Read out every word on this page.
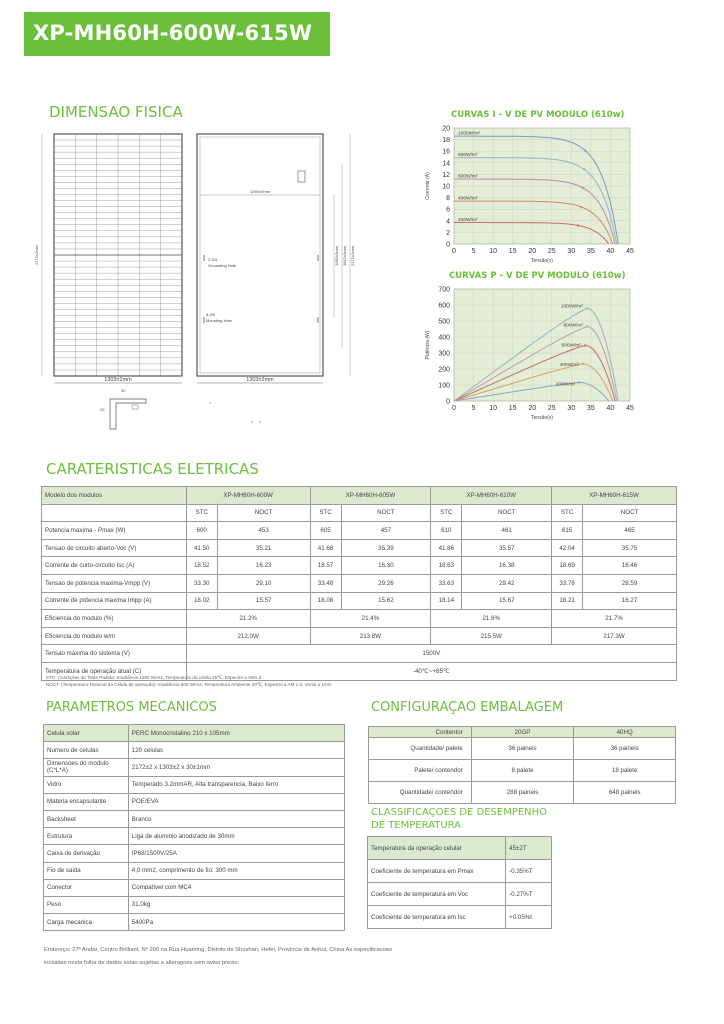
XP-MH60H-600W-615W
DIMENSAO FISICA
1303±2mm
2172±2mm
1260±2mm
2-Φ4
Grounding Hole
8-Φ9
Mounting Hole
1303±2mm
1092±2mm 1812±2mm 2172±2mm
30
35
CURVAS I - V DE PV MODULO (610w)
0 5 10 15 20 25 30 35 40 45
0
2
4
6
8
10
12
14
16
18
20
Tensão(v)
Corrente (A)
1000W/m²
800W/m²
600W/m²
400W/m²
200W/m²
CURVAS P - V DE PV MODULO (610w)
0 5 10 15 20 25 30 35 40 45
0
100
200
300
400
500
600
700
Tensão(v)
Potência (W)
1000W/m²
800W/m²
600W/m²
400W/m²
200W/m²
CARATERISTICAS ELETRICAS
Modelo dos modulos	XP-MH60H-600W		XP-MH60H-605W		XP-MH60H-610W		XP-MH60H-615W	
	STC	NOCT	STC	NOCT	STC	NOCT	STC	NOCT
Potencia maxima - Pmax (W)	600	453	605	457	610	461	615	465
Tensao de circuito aberto-Voc (V)	41.50	35.21	41.68	35.39	41.86	35.57	42.04	35.75
Corrente de curto-circuito Isc (A)	18.52	16.23	18.57	16.30	18.63	16.38	18.69	16.46
Tensao de potencia maxima-Vmpp (V)	33.30	29.10	33.48	29.26	33.63	29.42	33.78	28.59
Corrente de potencia maxima Impp (A)	18.02	15.57	18.08	15.62	18.14	15.67	18.21	16.27
Eficiencia do modulo (%)	21.2%		21.4%		21.6%		21.7%	
Eficiencia do modulo w/m	212.0W		213.8W		215.5W		217.3W	
Tensao maxima do sistema (V)	1500V							
Temperatura de operação atual (C)	-40℃~+85℃							
STC: Condições de Teste Padrão: Irradiância 1000 W/m2, Temperatura da célula 25℃, Espectro a AM1.5
NOCT: (Temperatura Nominal da Célula de operação): Irradiância 800 W/m2, Temperatura Ambiente 20℃, Espectro a AM 1.5, Vento a 1m/s
PARAMETROS MECANICOS
Celula solar	PERC Monocristalino 210 x 105mm
Numero de celulas	120 celulas
Dimensoes do modulo (C*L*A)	2172±2 x 1303±2 x 30±1mm
Vidro	Temperado 3.2mmAR, Alta transparencia, Baixo ferro
Materia encapsulante	POE/EVA
Backsheet	Branco
Estrutura	Liga de aluminio anodizado de 30mm
Caixa de derivação	IP68/1500V/25A
Fio de saida	4,0 mm2, comprimento de fio: 300 mm
Conector	Compatível com MC4
Peso	31.0kg
Carga mecanica	5400Pa
CONFIGURAÇAO EMBALAGEM
Contentor	20GP	40HQ
Quantidade/ palete	36 paineis	36 paineis
Palete/ contendor	8 palete	18 palete
Quantidade/ contendor	288 paineis	648 paineis
CLASSIFICAÇOES DE DESEMPENHO
DE TEMPERATURA
Temperatura da operação celular	45±2T
Coeficiente de temperatura em Pmax	-0.35%T
Coeficiente de temperatura em Voc	-0.27%T
Coeficiente de temperatura em Isc	+0.05%t
Endereço: 27ª Andar, Centro Brilliant, Nº 200 na Rua Huaming, Distrito de Shushan, Hefei, Provincia de Anhui, China As especificacoes
incluidas nesta folha de dados estao sujeitas a alteragoes sem aviso previo.
